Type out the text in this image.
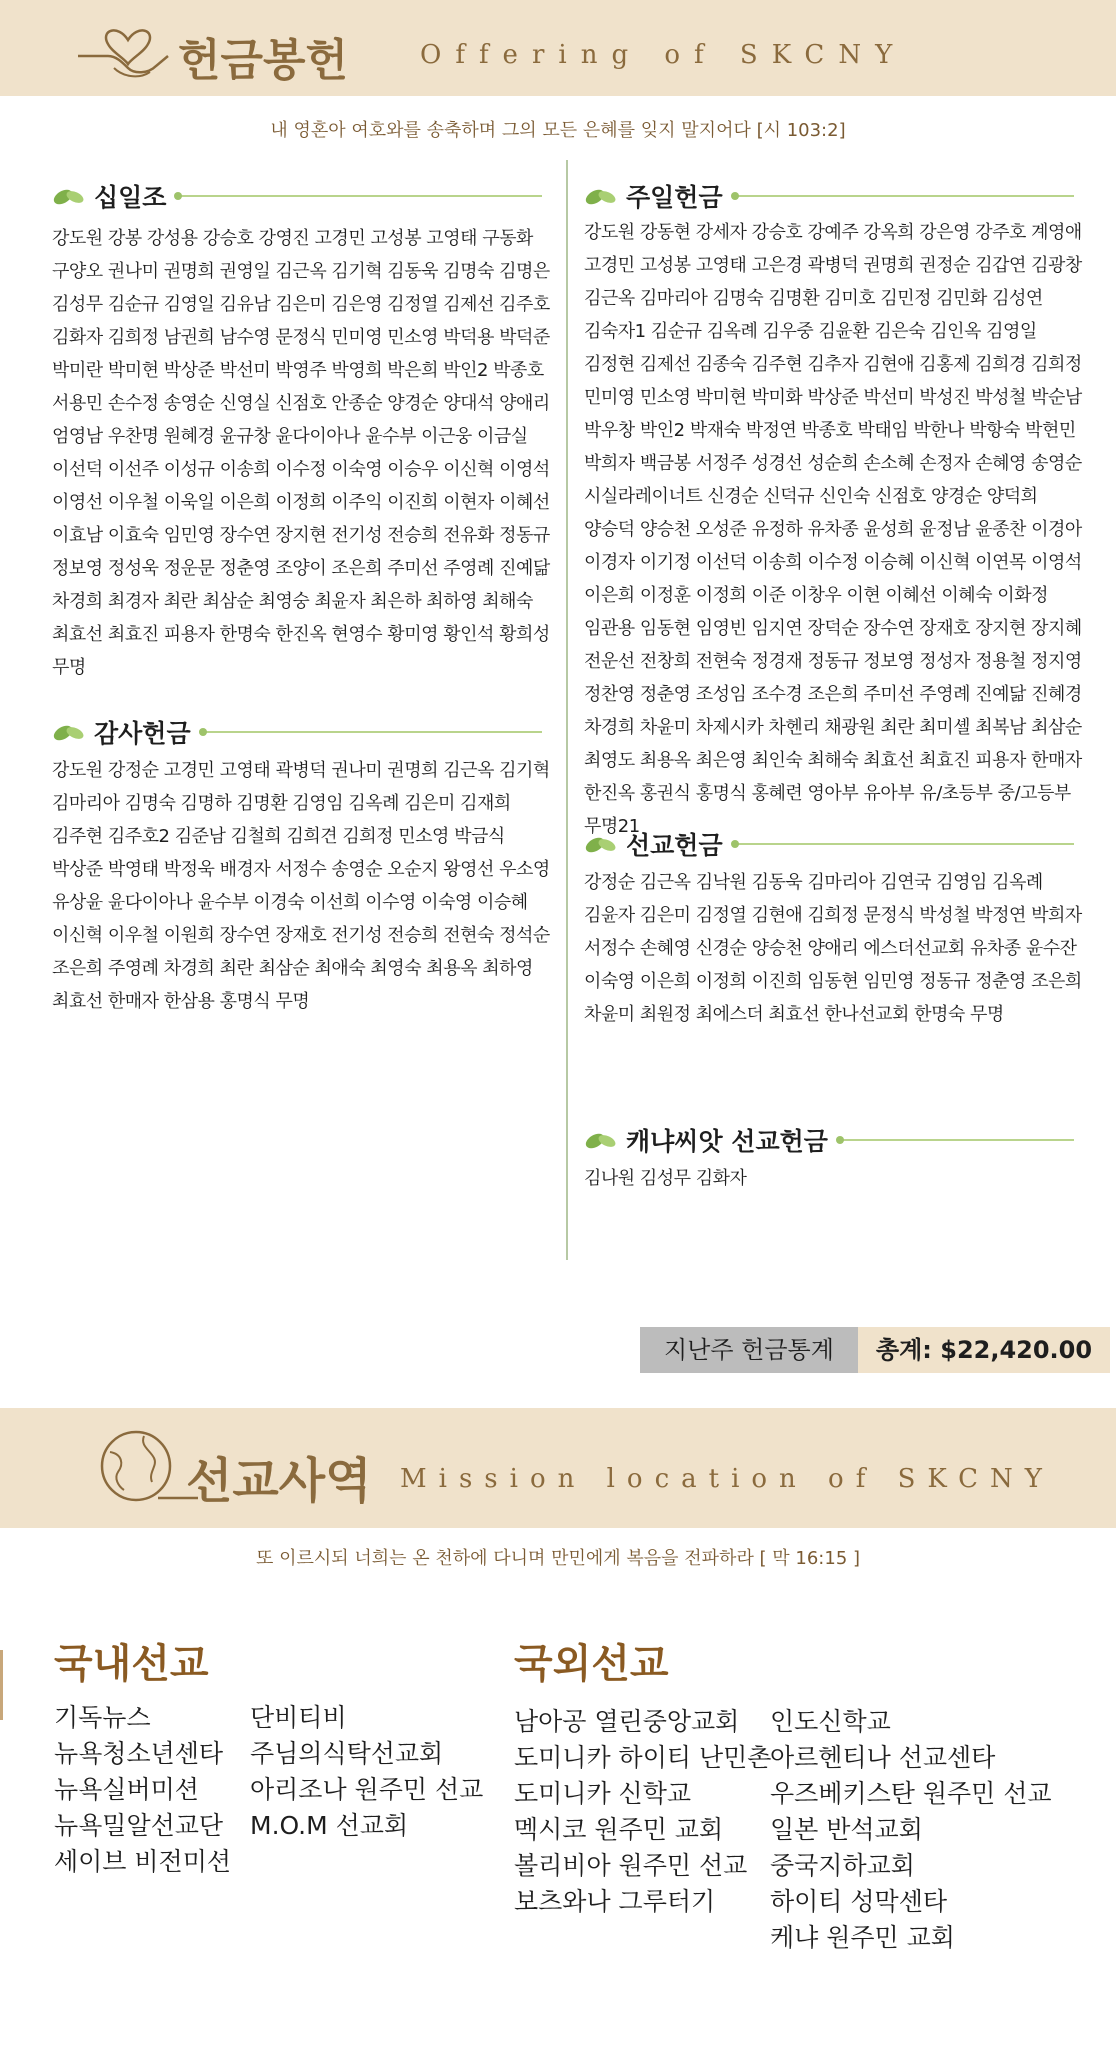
헌금봉헌	Offering of SKCNY
내 영혼아 여호와를 송축하며 그의 모든 은혜를 잊지 말지어다 [시 103:2]
십일조
강도원 강봉 강성용 강승호 강영진 고경민 고성봉 고영태 구동화 구양오 권나미 권명희 권영일 김근옥 김기혁 김동욱 김명숙 김명은 김성무 김순규 김영일 김유남 김은미 김은영 김정열 김제선 김주호 김화자 김희정 남권희 남수영 문정식 민미영 민소영 박덕용 박덕준 박미란 박미현 박상준 박선미 박영주 박영희 박은희 박인2 박종호 서용민 손수정 송영순 신영실 신점호 안종순 양경순 양대석 양애리 엄영남 우찬명 원혜경 윤규창 윤다이아나 윤수부 이근웅 이금실 이선덕 이선주 이성규 이송희 이수정 이숙영 이승우 이신혁 이영석 이영선 이우철 이욱일 이은희 이정희 이주익 이진희 이현자 이혜선 이효남 이효숙 임민영 장수연 장지현 전기성 전승희 전유화 정동규 정보영 정성욱 정운문 정춘영 조양이 조은희 주미선 주영례 진예닮 차경희 최경자 최란 최삼순 최영숭 최윤자 최은하 최하영 최해숙 최효선 최효진 피용자 한명숙 한진옥 현영수 황미영 황인석 황희성 무명
감사헌금
강도원 강정순 고경민 고영태 곽병덕 권나미 권명희 김근옥 김기혁 김마리아 김명숙 김명하 김명환 김영임 김옥례 김은미 김재희 김주현 김주호2 김준남 김철희 김희견 김희정 민소영 박금식 박상준 박영태 박정욱 배경자 서정수 송영순 오순지 왕영선 우소영 유상윤 윤다이아나 윤수부 이경숙 이선희 이수영 이숙영 이승혜 이신혁 이우철 이원희 장수연 장재호 전기성 전승희 전현숙 정석순 조은희 주영례 차경희 최란 최삼순 최애숙 최영숙 최용옥 최하영 최효선 한매자 한삼용 홍명식 무명
주일헌금
강도원 강동현 강세자 강승호 강예주 강옥희 강은영 강주호 계영애 고경민 고성봉 고영태 고은경 곽병덕 권명희 권정순 김갑연 김광창 김근옥 김마리아 김명숙 김명환 김미호 김민정 김민화 김성연 김숙자1 김순규 김옥례 김우중 김윤환 김은숙 김인옥 김영일 김정현 김제선 김종숙 김주현 김추자 김현애 김홍제 김희경 김희정 민미영 민소영 박미현 박미화 박상준 박선미 박성진 박성철 박순남 박우창 박인2 박재숙 박정연 박종호 박태임 박한나 박항숙 박현민 박희자 백금봉 서정주 성경선 성순희 손소혜 손정자 손혜영 송영순 시실라레이너트 신경순 신덕규 신인숙 신점호 양경순 양덕희 양승덕 양승천 오성준 유정하 유차종 윤성희 윤정남 윤종찬 이경아 이경자 이기정 이선덕 이송희 이수정 이승혜 이신혁 이연목 이영석 이은희 이정훈 이정희 이준 이창우 이현 이혜선 이혜숙 이화정 임관용 임동현 임영빈 임지연 장덕순 장수연 장재호 장지현 장지혜 전운선 전창희 전현숙 정경재 정동규 정보영 정성자 정용철 정지영 정찬영 정춘영 조성임 조수경 조은희 주미선 주영례 진예닮 진혜경 차경희 차윤미 차제시카 차헨리 채광원 최란 최미셸 최복남 최삼순 최영도 최용옥 최은영 최인숙 최해숙 최효선 최효진 피용자 한매자 한진옥 홍권식 홍명식 홍혜련 영아부 유아부 유/초등부 중/고등부 무명21
선교헌금
강정순 김근옥 김낙원 김동욱 김마리아 김연국 김영임 김옥례 김윤자 김은미 김정열 김현애 김희정 문정식 박성철 박정연 박희자 서정수 손혜영 신경순 양승천 양애리 에스더선교회 유차종 윤수잔 이숙영 이은희 이정희 이진희 임동현 임민영 정동규 정춘영 조은희 차윤미 최원정 최에스더 최효선 한나선교회 한명숙 무명
캐냐씨앗 선교헌금
김나원 김성무 김화자
지난주 헌금통계	총계: $22,420.00
선교사역 Mission location of SKCNY
또 이르시되 너희는 온 천하에 다니며 만민에게 복음을 전파하라 [ 막 16:15 ]
국내선교
기독뉴스
뉴욕청소년센타
뉴욕실버미션
뉴욕밀알선교단
세이브 비전미션
단비티비
주님의식탁선교회
아리조나 원주민 선교
M.O.M 선교회
국외선교
남아공 열린중앙교회
도미니카 하이티 난민촌
도미니카 신학교
멕시코 원주민 교회
볼리비아 원주민 선교
보츠와나 그루터기
인도신학교
아르헨티나 선교센타
우즈베키스탄 원주민 선교
일본 반석교회
중국지하교회
하이티 성막센타
케냐 원주민 교회
